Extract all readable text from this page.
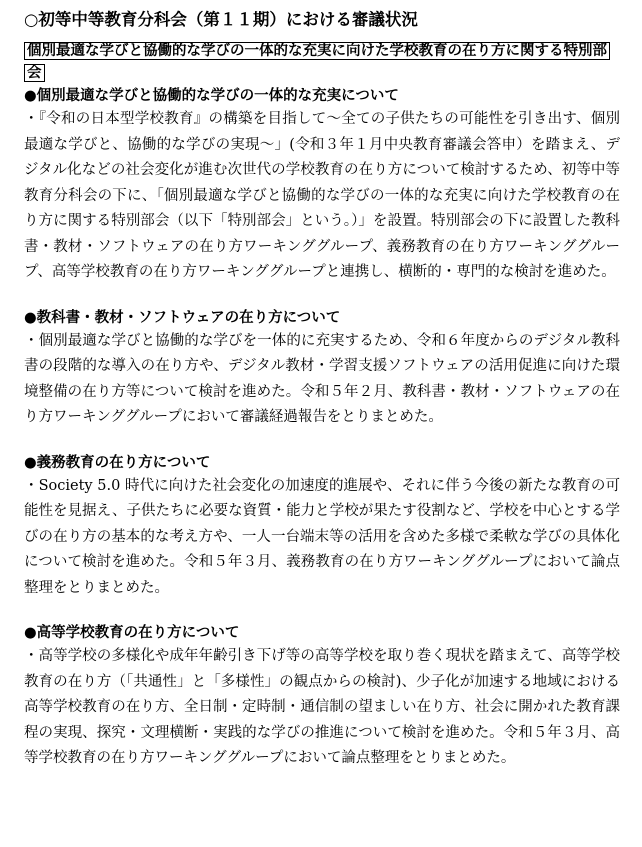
○初等中等教育分科会（第１１期）における審議状況
個別最適な学びと協働的な学びの一体的な充実に向けた学校教育の在り方に関する特別部会
●個別最適な学びと協働的な学びの一体的な充実について

・『令和の日本型学校教育』の構築を目指して～全ての子供たちの可能性を引き出す、個別最適な学びと、協働的な学びの実現～」(令和３年１月中央教育審議会答申）を踏まえ、デジタル化などの社会変化が進む次世代の学校教育の在り方について検討するため、初等中等教育分科会の下に、「個別最適な学びと協働的な学びの一体的な充実に向けた学校教育の在り方に関する特別部会（以下「特別部会」という。）」を設置。特別部会の下に設置した教科書・教材・ソフトウェアの在り方ワーキンググループ、義務教育の在り方ワーキンググループ、高等学校教育の在り方ワーキンググループと連携し、横断的・専門的な検討を進めた。

●教科書・教材・ソフトウェアの在り方について

・個別最適な学びと協働的な学びを一体的に充実するため、令和６年度からのデジタル教科書の段階的な導入の在り方や、デジタル教材・学習支援ソフトウェアの活用促進に向けた環境整備の在り方等について検討を進めた。令和５年２月、教科書・教材・ソフトウェアの在り方ワーキンググループにおいて審議経過報告をとりまとめた。

●義務教育の在り方について

・Society 5.0 時代に向けた社会変化の加速度的進展や、それに伴う今後の新たな教育の可能性を見据え、子供たちに必要な資質・能力と学校が果たす役割など、学校を中心とする学びの在り方の基本的な考え方や、一人一台端末等の活用を含めた多様で柔軟な学びの具体化について検討を進めた。令和５年３月、義務教育の在り方ワーキンググループにおいて論点整理をとりまとめた。

●高等学校教育の在り方について

・高等学校の多様化や成年年齢引き下げ等の高等学校を取り巻く現状を踏まえて、高等学校教育の在り方（「共通性」と「多様性」の観点からの検討)、少子化が加速する地域における高等学校教育の在り方、全日制・定時制・通信制の望ましい在り方、社会に開かれた教育課程の実現、探究・文理横断・実践的な学びの推進について検討を進めた。令和５年３月、高等学校教育の在り方ワーキンググループにおいて論点整理をとりまとめた。
